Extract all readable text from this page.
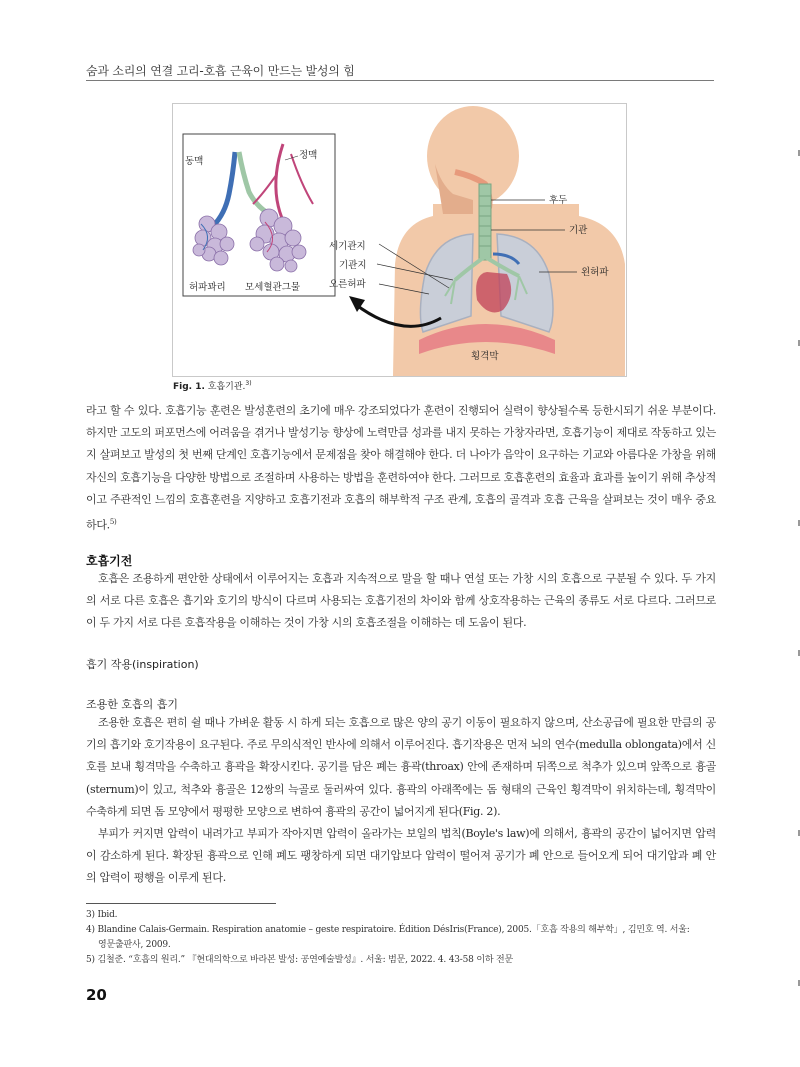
숨과 소리의 연결 고리-호흡 근육이 만드는 발성의 힘
동맥
정맥
허파꽈리 모세혈관그물
후두
기관
세기관지
기관지
오른허파
왼허파
횡격막
Fig. 1. 호흡기관.$^{3)}$

라고 할 수 있다. 호흡기능 훈련은 발성훈련의 초기에 매우 강조되었다가 훈련이 진행되어 실력이 향상될수록 등한시되기 쉬운 부분이다. 하지만 고도의 퍼포먼스에 어려움을 겪거나 발성기능 향상에 노력만큼 성과를 내지 못하는 가창자라면, 호흡기능이 제대로 작동하고 있는지 살펴보고 발성의 첫 번째 단계인 호흡기능에서 문제점을 찾아 해결해야 한다. 더 나아가 음악이 요구하는 기교와 아름다운 가창을 위해 자신의 호흡기능을 다양한 방법으로 조절하며 사용하는 방법을 훈련하여야 한다. 그러므로 호흡훈련의 효율과 효과를 높이기 위해 추상적이고 주관적인 느낌의 호흡훈련을 지양하고 호흡기전과 호흡의 해부학적 구조 관계, 호흡의 골격과 호흡 근육을 살펴보는 것이 매우 중요하다.$^{5)}$

호흡기전

호흡은 조용하게 편안한 상태에서 이루어지는 호흡과 지속적으로 말을 할 때나 연설 또는 가창 시의 호흡으로 구분될 수 있다. 두 가지의 서로 다른 호흡은 흡기와 호기의 방식이 다르며 사용되는 호흡기전의 차이와 함께 상호작용하는 근육의 종류도 서로 다르다. 그러므로 이 두 가지 서로 다른 호흡작용을 이해하는 것이 가창 시의 호흡조절을 이해하는 데 도움이 된다.

흡기 작용(inspiration)
조용한 호흡의 흡기

조용한 호흡은 편히 쉴 때나 가벼운 활동 시 하게 되는 호흡으로 많은 양의 공기 이동이 필요하지 않으며, 산소공급에 필요한 만큼의 공기의 흡기와 호기작용이 요구된다. 주로 무의식적인 반사에 의해서 이루어진다. 흡기작용은 먼저 뇌의 연수(medulla oblongata)에서 신호를 보내 횡격막을 수축하고 흉곽을 확장시킨다. 공기를 담은 폐는 흉곽(throax) 안에 존재하며 뒤쪽으로 척추가 있으며 앞쪽으로 흉골(sternum)이 있고, 척추와 흉골은 12쌍의 늑골로 둘러싸여 있다. 흉곽의 아래쪽에는 돔 형태의 근육인 횡격막이 위치하는데, 횡격막이 수축하게 되면 돔 모양에서 평평한 모양으로 변하여 흉곽의 공간이 넓어지게 된다(Fig. 2).

부피가 커지면 압력이 내려가고 부피가 작아지면 압력이 올라가는 보일의 법칙(Boyle's law)에 의해서, 흉곽의 공간이 넓어지면 압력이 감소하게 된다. 확장된 흉곽으로 인해 폐도 팽창하게 되면 대기압보다 압력이 떨어져 공기가 폐 안으로 들어오게 되어 대기압과 폐 안의 압력이 평행을 이루게 된다.

3) Ibid.
4) Blandine Calais-Germain. Respiration anatomie – geste respiratoire. Édition DésIris(France), 2005.「호흡 작용의 해부학」, 김민호 역. 서울:
영문출판사, 2009.
5) 김철준. “호흡의 원리.” 『현대의학으로 바라본 발성: 공연예술발성』. 서울: 범문, 2022. 4. 43-58 이하 전문
20
